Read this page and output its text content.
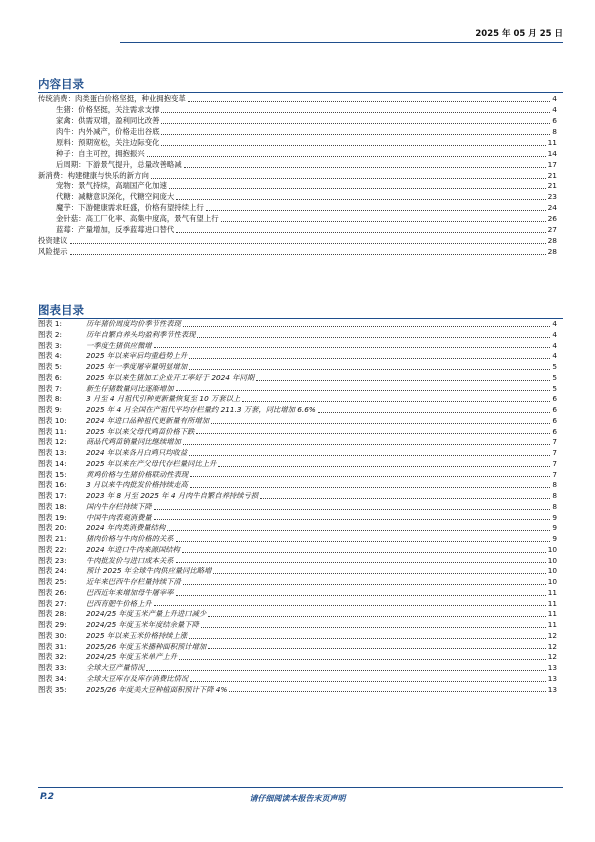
2025 年 05 月 25 日
内容目录
传统消费：肉类蛋白价格坚挺，种业拥抱变革	4
生猪：价格坚挺，关注需求支撑	4
家禽：供需双增，盈利同比改善	6
肉牛：内外减产，价格走出谷底	8
原料：预期宽松，关注边际变化	11
种子：自主可控，拥抱振兴	14
后周期：下游景气提升，总量改善略减	17
新消费：构建健康与快乐的新方向	21
宠物：景气持续，高端国产化加速	21
代糖：减糖意识深化，代糖空间庞大	23
魔芋：下游健康需求旺盛，价格有望持续上行	24
金针菇：高工厂化率、高集中度高，景气有望上行	26
蓝莓：产量增加，反季蓝莓进口替代	27
投资建议	28
风险提示	28
图表目录
图表 1:	历年猪价周度均价季节性表现	4
图表 2:	历年自繁自养头均盈利季节性表现	4
图表 3:	一季度生猪供应微增	4
图表 4:	2025 年以来宰后均重趋势上升	4
图表 5:	2025 年一季度屠宰量明显增加	5
图表 6:	2025 年以来生猪加工企业开工率好于 2024 年同期	5
图表 7:	新生仔猪数量同比逐渐增加	5
图表 8:	3 月至 4 月祖代引种更新量恢复至 10 万套以上	6
图表 9:	2025 年 4 月全国在产祖代平均存栏量约 211.3 万套，同比增加 6.6%	6
图表 10:	2024 年进口品种祖代更新量有所增加	6
图表 11:	2025 年以来父母代鸡苗价格下跌	6
图表 12:	商品代鸡苗销量同比继续增加	7
图表 13:	2024 年以来各月白鸡只均收益	7
图表 14:	2025 年以来在产父母代存栏量同比上升	7
图表 15:	黄鸡价格与生猪价格联动性表现	7
图表 16:	3 月以来牛肉批发价格持续走高	8
图表 17:	2023 年 8 月至 2025 年 4 月肉牛自繁自养持续亏损	8
图表 18:	国内牛存栏持续下降	8
图表 19:	中国牛肉表观消费量	9
图表 20:	2024 年肉类消费量结构	9
图表 21:	猪肉价格与牛肉价格的关系	9
图表 22:	2024 年进口牛肉来源国结构	10
图表 23:	牛肉批发价与进口成本关系	10
图表 24:	预计 2025 年全球牛肉供应量同比略增	10
图表 25:	近年来巴西牛存栏量持续下滑	10
图表 26:	巴西近年来增加母牛屠宰率	11
图表 27:	巴西育肥牛价格上升	11
图表 28:	2024/25 年度玉米产量上升进口减少	11
图表 29:	2024/25 年度玉米年度结余量下降	11
图表 30:	2025 年以来玉米价格持续上涨	12
图表 31:	2025/26 年度玉米播种面积预计增加	12
图表 32:	2024/25 年度玉米单产上升	12
图表 33:	全球大豆产量情况	13
图表 34:	全球大豆库存及库存消费比情况	13
图表 35:	2025/26 年度美大豆种植面积预计下降 4%	13
P.2	请仔细阅读本报告末页声明
